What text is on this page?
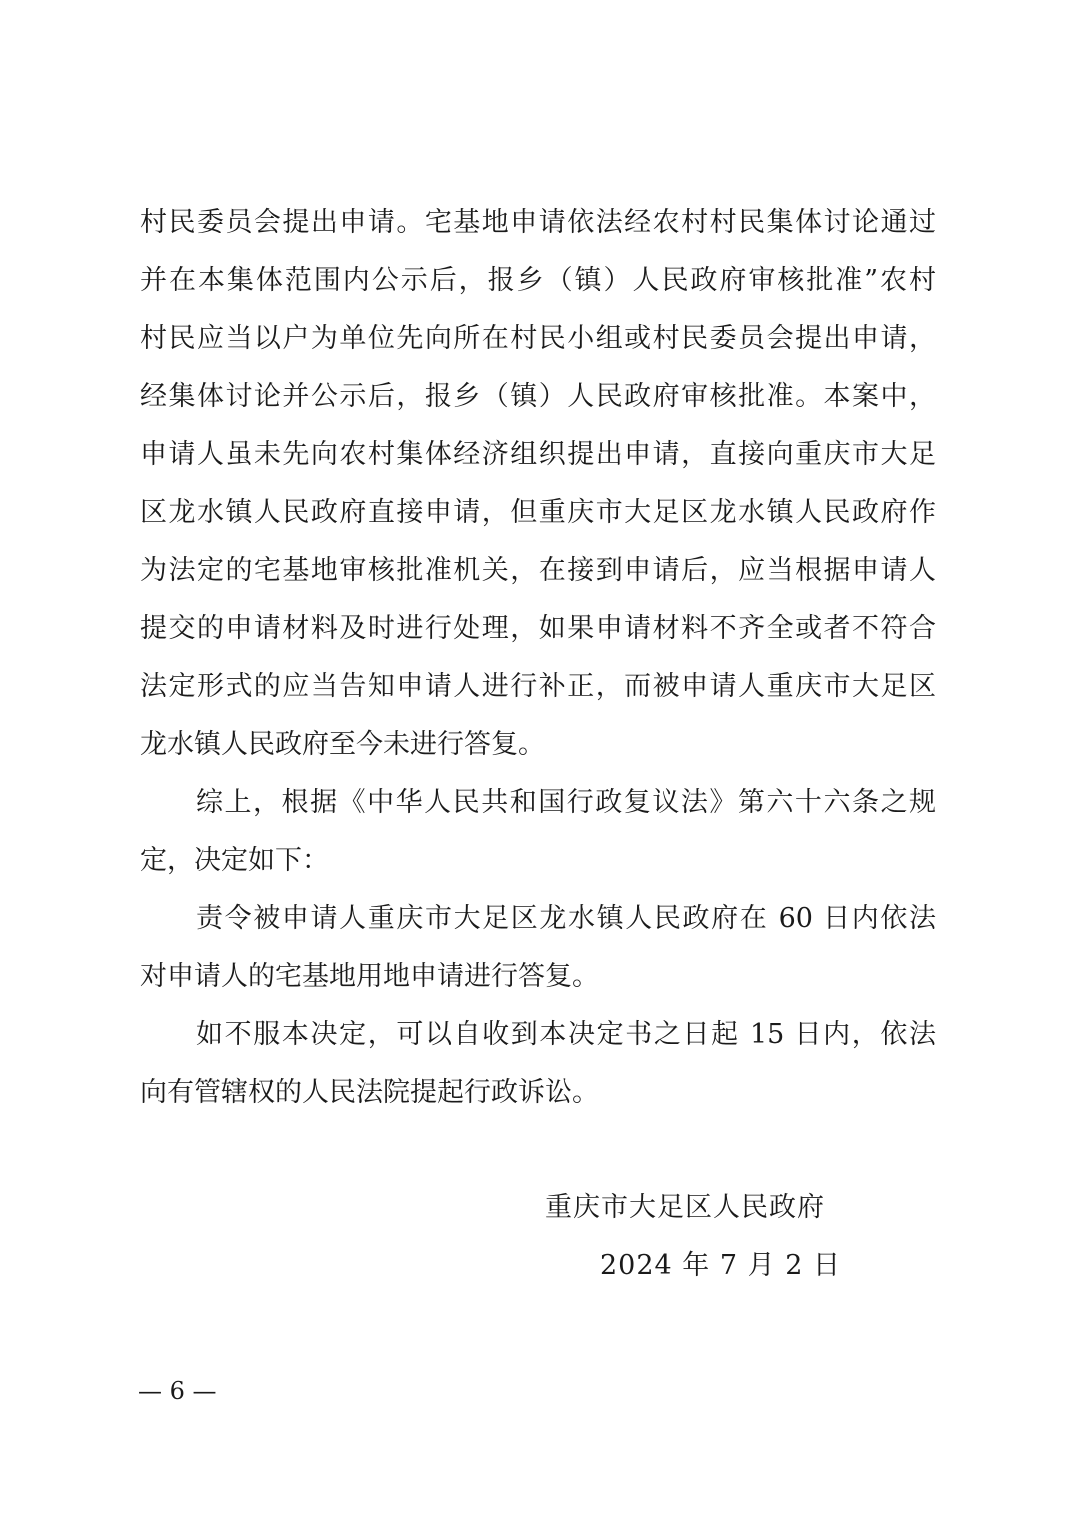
村民委员会提出申请。宅基地申请依法经农村村民集体讨论通过
并在本集体范围内公示后，报乡（镇）人民政府审核批准”农村
村民应当以户为单位先向所在村民小组或村民委员会提出申请，
经集体讨论并公示后，报乡（镇）人民政府审核批准。本案中，
申请人虽未先向农村集体经济组织提出申请，直接向重庆市大足
区龙水镇人民政府直接申请，但重庆市大足区龙水镇人民政府作
为法定的宅基地审核批准机关，在接到申请后，应当根据申请人
提交的申请材料及时进行处理，如果申请材料不齐全或者不符合
法定形式的应当告知申请人进行补正，而被申请人重庆市大足区
龙水镇人民政府至今未进行答复。
综上，根据《中华人民共和国行政复议法》第六十六条之规
定，决定如下：
责令被申请人重庆市大足区龙水镇人民政府在 60 日内依法
对申请人的宅基地用地申请进行答复。
如不服本决定，可以自收到本决定书之日起 15 日内，依法
向有管辖权的人民法院提起行政诉讼。
重庆市大足区人民政府
2024 年 7 月 2 日
— 6 —
